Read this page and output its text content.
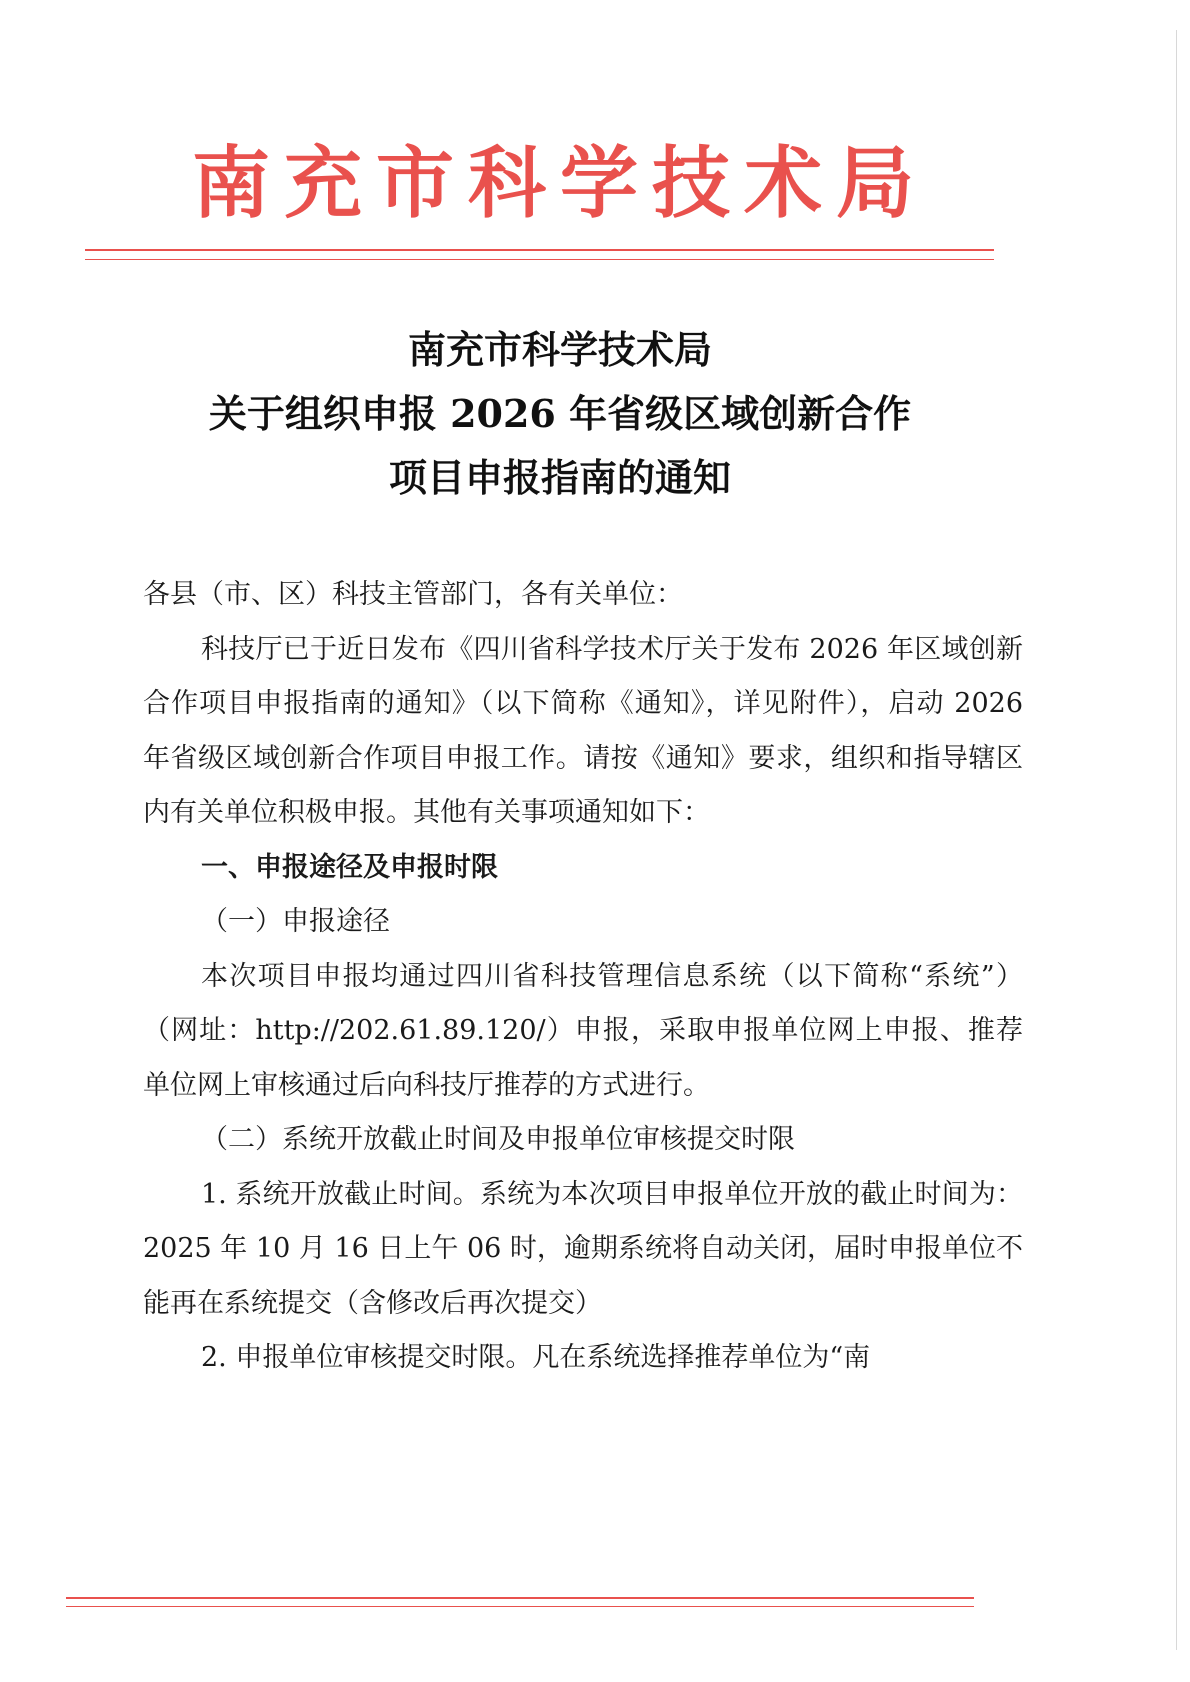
南充市科学技术局
南充市科学技术局
关于组织申报 2026 年省级区域创新合作
项目申报指南的通知

各县（市、区）科技主管部门，各有关单位：

科技厅已于近日发布《四川省科学技术厅关于发布 2026 年区域创新合作项目申报指南的通知》（以下简称《通知》，详见附件），启动 2026 年省级区域创新合作项目申报工作。请按《通知》要求，组织和指导辖区内有关单位积极申报。其他有关事项通知如下：

一、申报途径及申报时限

（一）申报途径

本次项目申报均通过四川省科技管理信息系统（以下简称“系统”）（网址：http://202.61.89.120/）申报，采取申报单位网上申报、推荐单位网上审核通过后向科技厅推荐的方式进行。

（二）系统开放截止时间及申报单位审核提交时限

1. 系统开放截止时间。系统为本次项目申报单位开放的截止时间为：2025 年 10 月 16 日上午 06 时，逾期系统将自动关闭，届时申报单位不能再在系统提交（含修改后再次提交）

2. 申报单位审核提交时限。凡在系统选择推荐单位为“南
